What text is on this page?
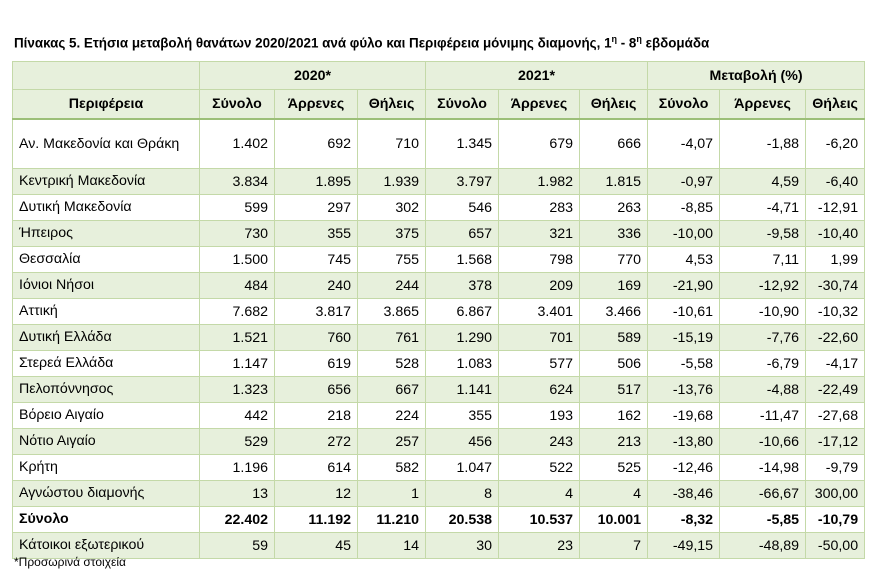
Πίνακας 5. Ετήσια μεταβολή θανάτων 2020/2021 ανά φύλο και Περιφέρεια μόνιμης διαμονής, $1^\eta - 8^\eta$ εβδομάδα
	2020*			2021*			Μεταβολή (%)		
Περιφέρεια	Σύνολο	Άρρενες	Θήλεις	Σύνολο	Άρρενες	Θήλεις	Σύνολο	Άρρενες	Θήλεις
Αν. Μακεδονία και Θράκη	1.402	692	710	1.345	679	666	-4,07	-1,88	-6,20
Κεντρική Μακεδονία	3.834	1.895	1.939	3.797	1.982	1.815	-0,97	4,59	-6,40
Δυτική Μακεδονία	599	297	302	546	283	263	-8,85	-4,71	-12,91
Ήπειρος	730	355	375	657	321	336	-10,00	-9,58	-10,40
Θεσσαλία	1.500	745	755	1.568	798	770	4,53	7,11	1,99
Ιόνιοι Νήσοι	484	240	244	378	209	169	-21,90	-12,92	-30,74
Αττική	7.682	3.817	3.865	6.867	3.401	3.466	-10,61	-10,90	-10,32
Δυτική Ελλάδα	1.521	760	761	1.290	701	589	-15,19	-7,76	-22,60
Στερεά Ελλάδα	1.147	619	528	1.083	577	506	-5,58	-6,79	-4,17
Πελοπόννησος	1.323	656	667	1.141	624	517	-13,76	-4,88	-22,49
Βόρειο Αιγαίο	442	218	224	355	193	162	-19,68	-11,47	-27,68
Νότιο Αιγαίο	529	272	257	456	243	213	-13,80	-10,66	-17,12
Κρήτη	1.196	614	582	1.047	522	525	-12,46	-14,98	-9,79
Αγνώστου διαμονής	13	12	1	8	4	4	-38,46	-66,67	300,00
Σύνολο	22.402	11.192	11.210	20.538	10.537	10.001	-8,32	-5,85	-10,79
Κάτοικοι εξωτερικού	59	45	14	30	23	7	-49,15	-48,89	-50,00
*Προσωρινά στοιχεία
